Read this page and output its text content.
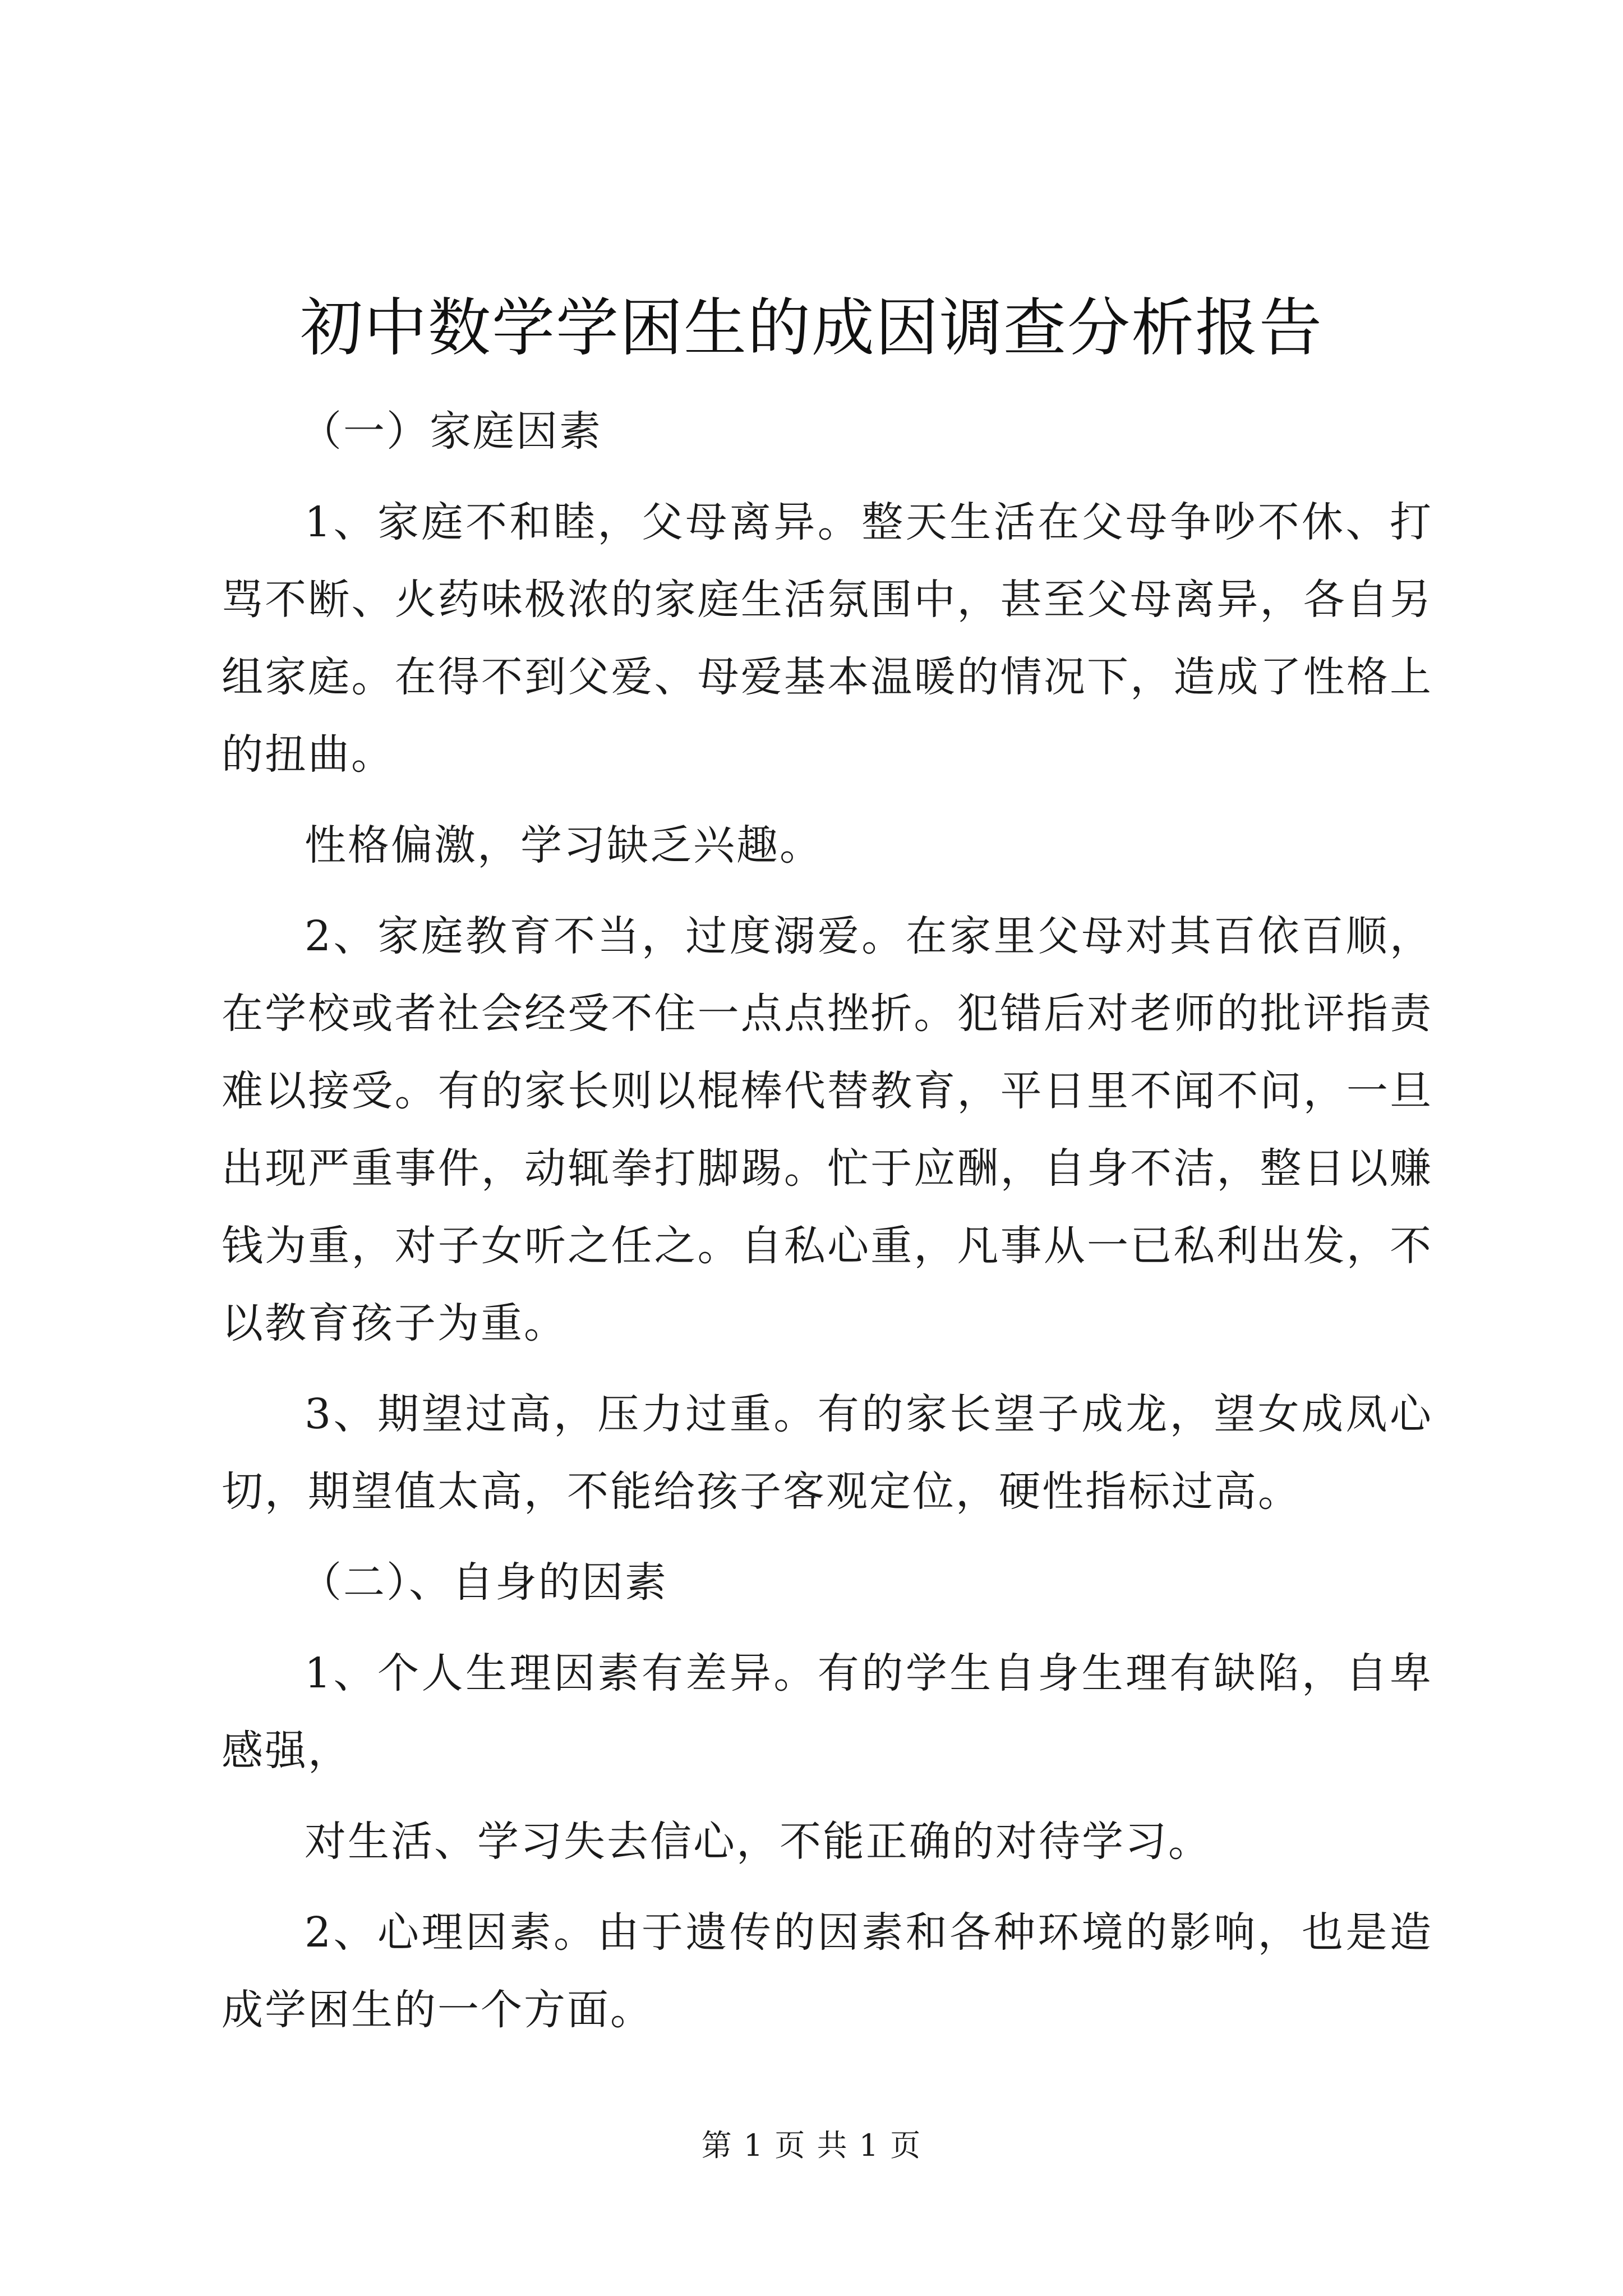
初中数学学困生的成因调查分析报告

（一）家庭因素

1、家庭不和睦，父母离异。整天生活在父母争吵不休、打骂不断、火药味极浓的家庭生活氛围中，甚至父母离异，各自另组家庭。在得不到父爱、母爱基本温暖的情况下，造成了性格上的扭曲。

性格偏激，学习缺乏兴趣。

2、家庭教育不当，过度溺爱。在家里父母对其百依百顺，在学校或者社会经受不住一点点挫折。犯错后对老师的批评指责难以接受。有的家长则以棍棒代替教育，平日里不闻不问，一旦出现严重事件，动辄拳打脚踢。忙于应酬，自身不洁，整日以赚钱为重，对子女听之任之。自私心重，凡事从一已私利出发，不以教育孩子为重。

3、期望过高，压力过重。有的家长望子成龙，望女成凤心切，期望值太高，不能给孩子客观定位，硬性指标过高。

（二）、自身的因素

1、个人生理因素有差异。有的学生自身生理有缺陷，自卑感强，

对生活、学习失去信心，不能正确的对待学习。

2、心理因素。由于遗传的因素和各种环境的影响，也是造成学困生的一个方面。

第 1 页 共 1 页
